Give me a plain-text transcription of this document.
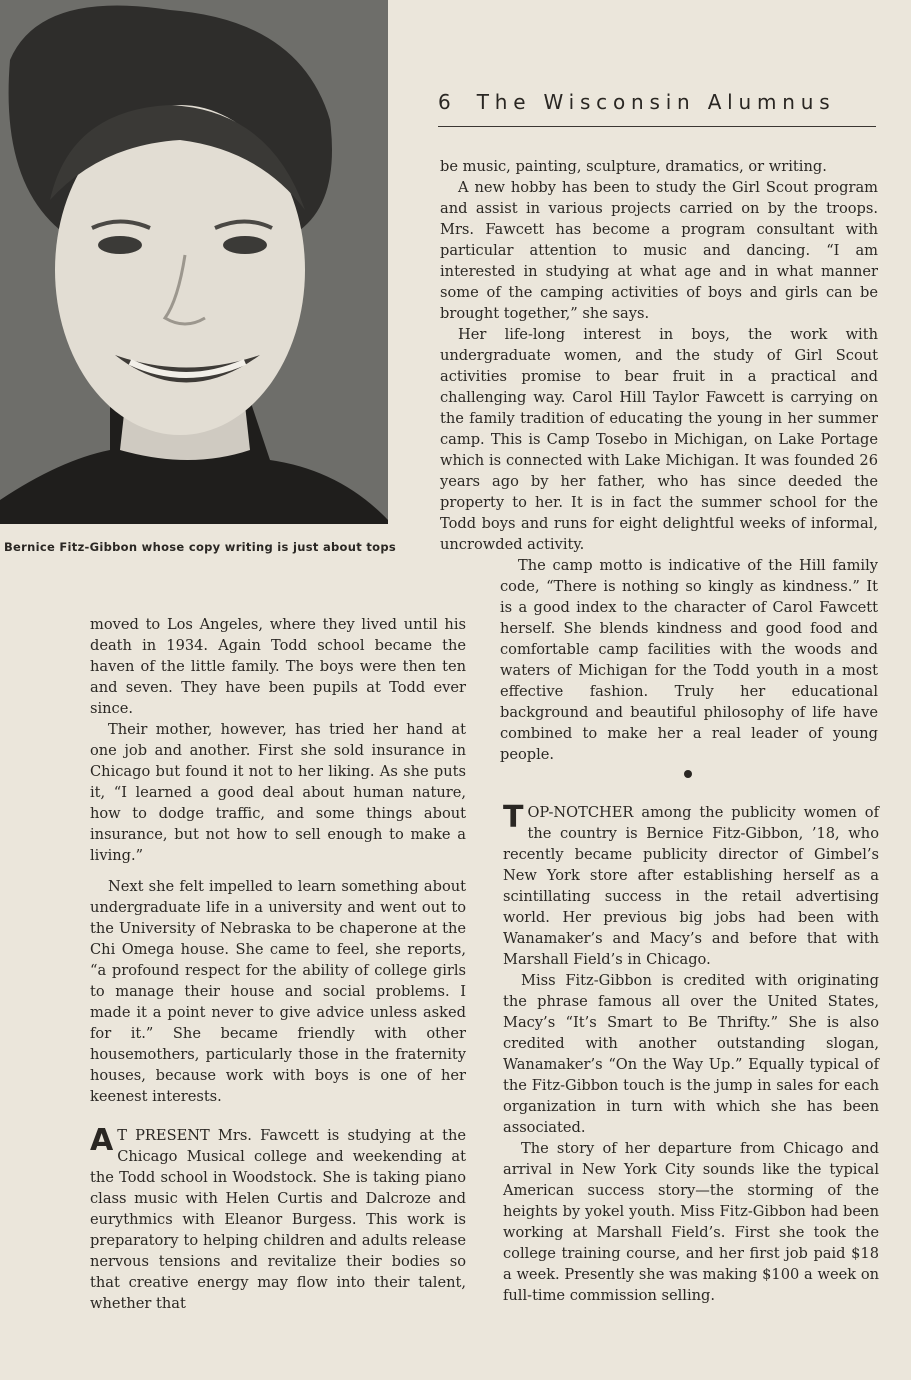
Bernice Fitz-Gibbon whose copy writing is just about tops
6 The Wisconsin Alumnus

be music, painting, sculpture, dramatics, or writing.

A new hobby has been to study the Girl Scout program and assist in various projects carried on by the troops. Mrs. Fawcett has become a program consultant with particular attention to music and dancing. “I am interested in studying at what age and in what manner some of the camping activities of boys and girls can be brought together,” she says.

Her life-long interest in boys, the work with undergraduate women, and the study of Girl Scout activities promise to bear fruit in a practical and challenging way. Carol Hill Taylor Fawcett is carrying on the family tradition of educating the young in her summer camp. This is Camp Tosebo in Michigan, on Lake Portage which is connected with Lake Michigan. It was founded 26 years ago by her father, who has since deeded the property to her. It is in fact the summer school for the Todd boys and runs for eight delightful weeks of informal, uncrowded activity.

The camp motto is indicative of the Hill family code, “There is nothing so kingly as kindness.” It is a good index to the character of Carol Fawcett herself. She blends kindness and good food and comfortable camp facilities with the woods and waters of Michigan for the Todd youth in a most effective fashion. Truly her educational background and beautiful philosophy of life have combined to make her a real leader of young people.

moved to Los Angeles, where they lived until his death in 1934. Again Todd school became the haven of the little family. The boys were then ten and seven. They have been pupils at Todd ever since.

Their mother, however, has tried her hand at one job and another. First she sold insurance in Chicago but found it not to her liking. As she puts it, “I learned a good deal about human nature, how to dodge traffic, and some things about insurance, but not how to sell enough to make a living.”

Next she felt impelled to learn something about undergraduate life in a university and went out to the University of Nebraska to be chaperone at the Chi Omega house. She came to feel, she reports, “a profound respect for the ability of college girls to manage their house and social problems. I made it a point never to give advice unless asked for it.” She became friendly with other housemothers, particularly those in the fraternity houses, because work with boys is one of her keenest interests.

A T PRESENT Mrs. Fawcett is studying at the Chicago Musical college and weekending at the Todd school in Woodstock. She is taking piano class music with Helen Curtis and Dalcroze and eurythmics with Eleanor Burgess. This work is preparatory to helping children and adults release nervous tensions and revitalize their bodies so that creative energy may flow into their talent, whether that

TOP-NOTCHER among the publicity women of the country is Bernice Fitz-Gibbon, ’18, who recently became publicity director of Gimbel’s New York store after establishing herself as a scintillating success in the retail advertising world. Her previous big jobs had been with Wanamaker’s and Macy’s and before that with Marshall Field’s in Chicago.

Miss Fitz-Gibbon is credited with originating the phrase famous all over the United States, Macy’s “It’s Smart to Be Thrifty.” She is also credited with another outstanding slogan, Wanamaker’s “On the Way Up.” Equally typical of the Fitz-Gibbon touch is the jump in sales for each organization in turn with which she has been associated.

The story of her departure from Chicago and arrival in New York City sounds like the typical American success story—the storming of the heights by yokel youth. Miss Fitz-Gibbon had been working at Marshall Field’s. First she took the college training course, and her first job paid $18 a week. Presently she was making $100 a week on full-time commission selling.
